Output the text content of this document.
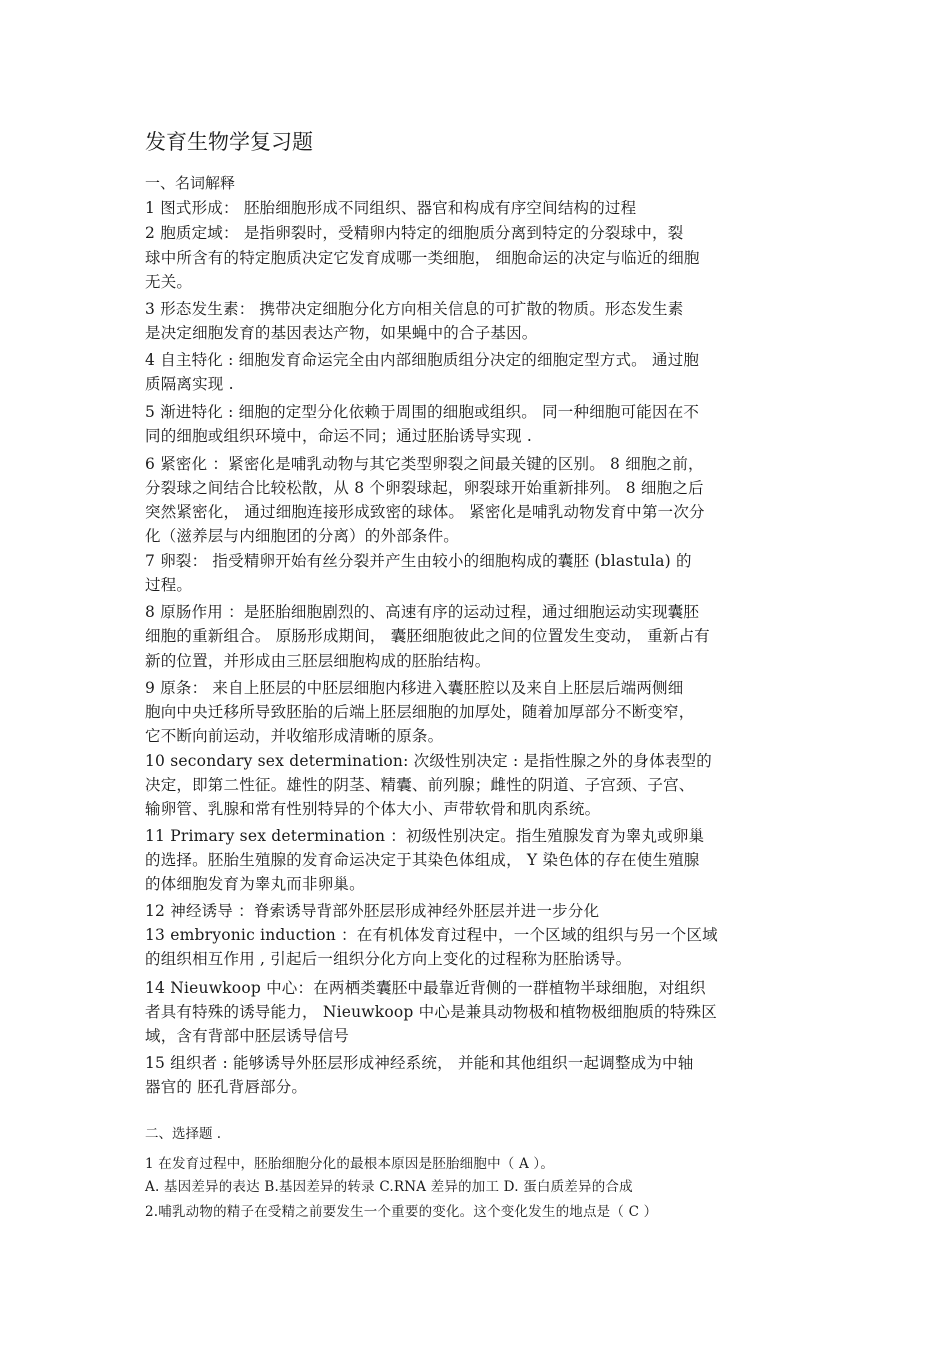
发育生物学复习题
一、名词解释
1 图式形成： 胚胎细胞形成不同组织、器官和构成有序空间结构的过程
2 胞质定域： 是指卵裂时，受精卵内特定的细胞质分离到特定的分裂球中，裂
球中所含有的特定胞质决定它发育成哪一类细胞， 细胞命运的决定与临近的细胞
无关。
3 形态发生素： 携带决定细胞分化方向相关信息的可扩散的物质。形态发生素
是决定细胞发育的基因表达产物，如果蝇中的合子基因。
4 自主特化 : 细胞发育命运完全由内部细胞质组分决定的细胞定型方式。 通过胞
质隔离实现 .
5 渐进特化 : 细胞的定型分化依赖于周围的细胞或组织。 同一种细胞可能因在不
同的细胞或组织环境中，命运不同；通过胚胎诱导实现 .
6 紧密化 ：紧密化是哺乳动物与其它类型卵裂之间最关键的区别。 8 细胞之前，
分裂球之间结合比较松散，从 8 个卵裂球起，卵裂球开始重新排列。 8 细胞之后
突然紧密化， 通过细胞连接形成致密的球体。 紧密化是哺乳动物发育中第一次分
化（滋养层与内细胞团的分离）的外部条件。
7 卵裂： 指受精卵开始有丝分裂并产生由较小的细胞构成的囊胚 (blastula) 的
过程。
8 原肠作用 ：是胚胎细胞剧烈的、高速有序的运动过程，通过细胞运动实现囊胚
细胞的重新组合。 原肠形成期间， 囊胚细胞彼此之间的位置发生变动， 重新占有
新的位置，并形成由三胚层细胞构成的胚胎结构。
9 原条： 来自上胚层的中胚层细胞内移进入囊胚腔以及来自上胚层后端两侧细
胞向中央迁移所导致胚胎的后端上胚层细胞的加厚处，随着加厚部分不断变窄，
它不断向前运动，并收缩形成清晰的原条。
10 secondary sex determination: 次级性别决定 : 是指性腺之外的身体表型的
决定，即第二性征。雄性的阴茎、精囊、前列腺；雌性的阴道、子宫颈、子宫、
输卵管、乳腺和常有性别特异的个体大小、声带软骨和肌肉系统。
11 Primary sex determination ：初级性别决定。指生殖腺发育为睾丸或卵巢
的选择。胚胎生殖腺的发育命运决定于其染色体组成， Y 染色体的存在使生殖腺
的体细胞发育为睾丸而非卵巢。
12 神经诱导 ：脊索诱导背部外胚层形成神经外胚层并进一步分化
13 embryonic induction ：在有机体发育过程中，一个区域的组织与另一个区域
的组织相互作用 , 引起后一组织分化方向上变化的过程称为胚胎诱导。
14 Nieuwkoop 中心：在两栖类囊胚中最靠近背侧的一群植物半球细胞，对组织
者具有特殊的诱导能力， Nieuwkoop 中心是兼具动物极和植物极细胞质的特殊区
域，含有背部中胚层诱导信号
15 组织者 : 能够诱导外胚层形成神经系统， 并能和其他组织一起调整成为中轴
器官的 胚孔背唇部分。
二、选择题 .
1 在发育过程中，胚胎细胞分化的最根本原因是胚胎细胞中（ A ）。
A. 基因差异的表达 B.基因差异的转录 C.RNA 差异的加工 D. 蛋白质差异的合成
2.哺乳动物的精子在受精之前要发生一个重要的变化。这个变化发生的地点是（ C ）
